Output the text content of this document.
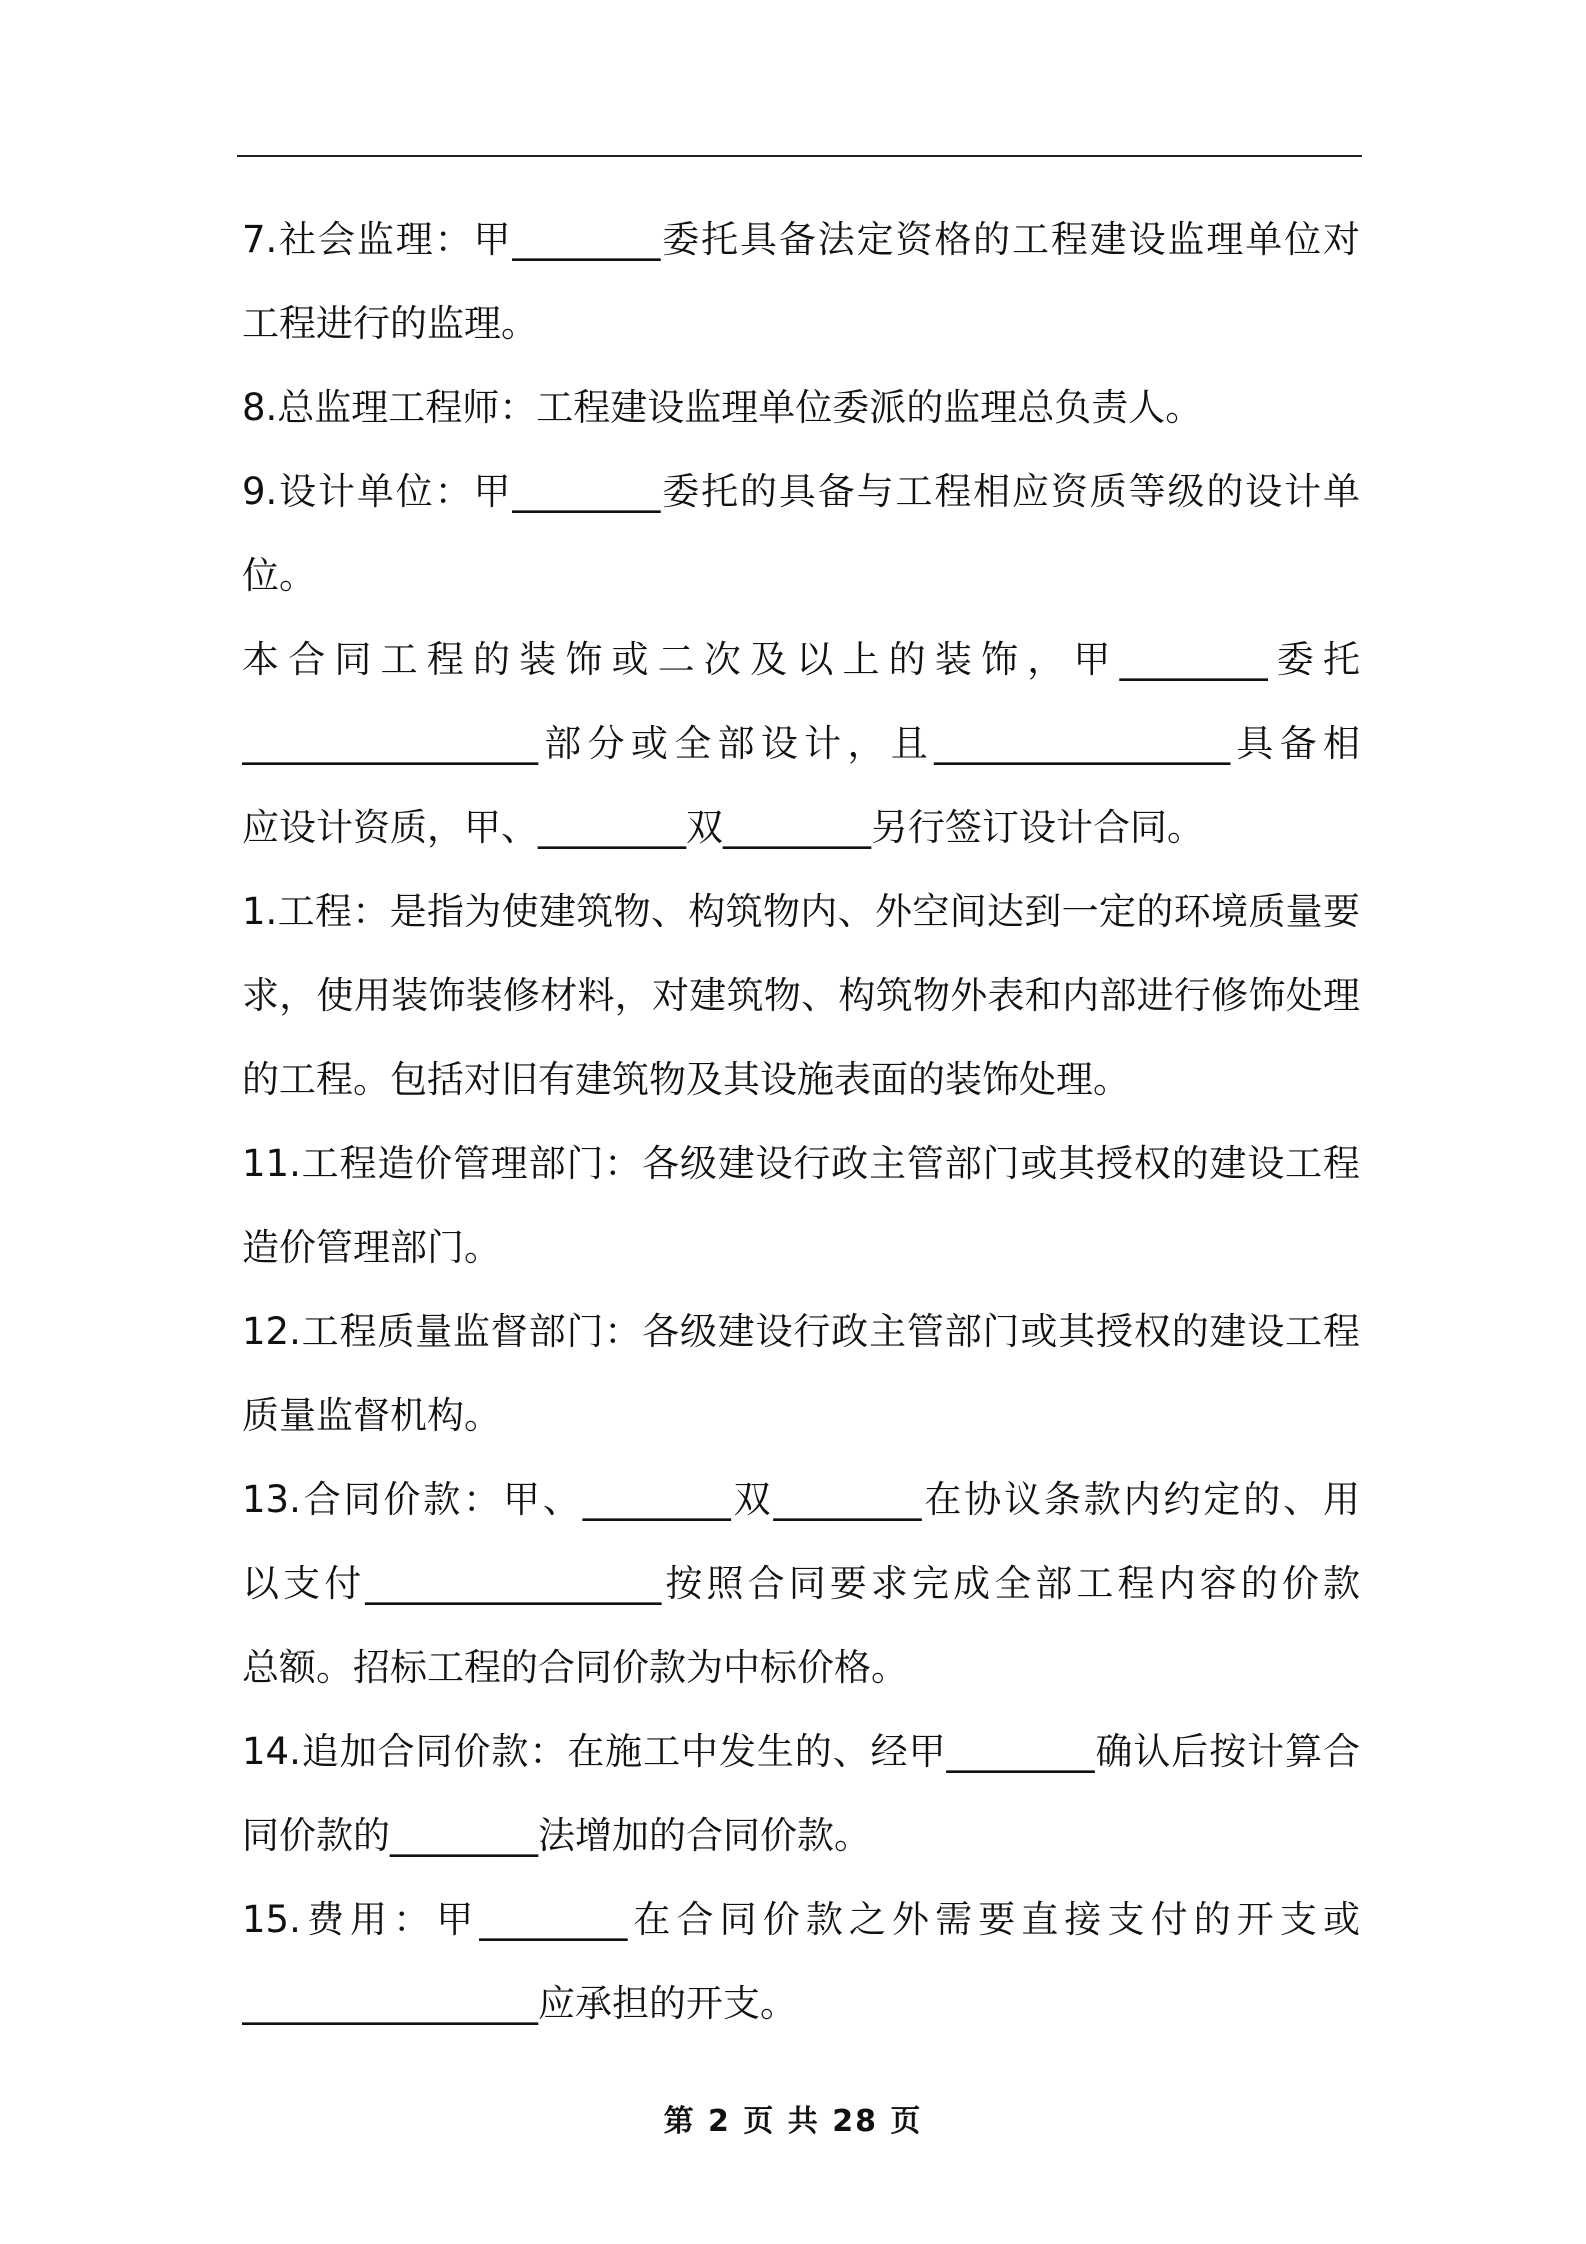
7.社会监理：甲________委托具备法定资格的工程建设监理单位对
工程进行的监理。
8.总监理工程师：工程建设监理单位委派的监理总负责人。
9.设计单位：甲________委托的具备与工程相应资质等级的设计单
位。
本合同工程的装饰或二次及以上的装饰，甲________委托
________________部分或全部设计，且________________具备相
应设计资质，甲、________双________另行签订设计合同。
1.工程：是指为使建筑物、构筑物内、外空间达到一定的环境质量要
求，使用装饰装修材料，对建筑物、构筑物外表和内部进行修饰处理
的工程。包括对旧有建筑物及其设施表面的装饰处理。
11.工程造价管理部门：各级建设行政主管部门或其授权的建设工程
造价管理部门。
12.工程质量监督部门：各级建设行政主管部门或其授权的建设工程
质量监督机构。
13.合同价款：甲、________双________在协议条款内约定的、用
以支付________________按照合同要求完成全部工程内容的价款
总额。招标工程的合同价款为中标价格。
14.追加合同价款：在施工中发生的、经甲________确认后按计算合
同价款的________法增加的合同价款。
15.费用：甲________在合同价款之外需要直接支付的开支或
________________应承担的开支。
第 2 页 共 28 页
